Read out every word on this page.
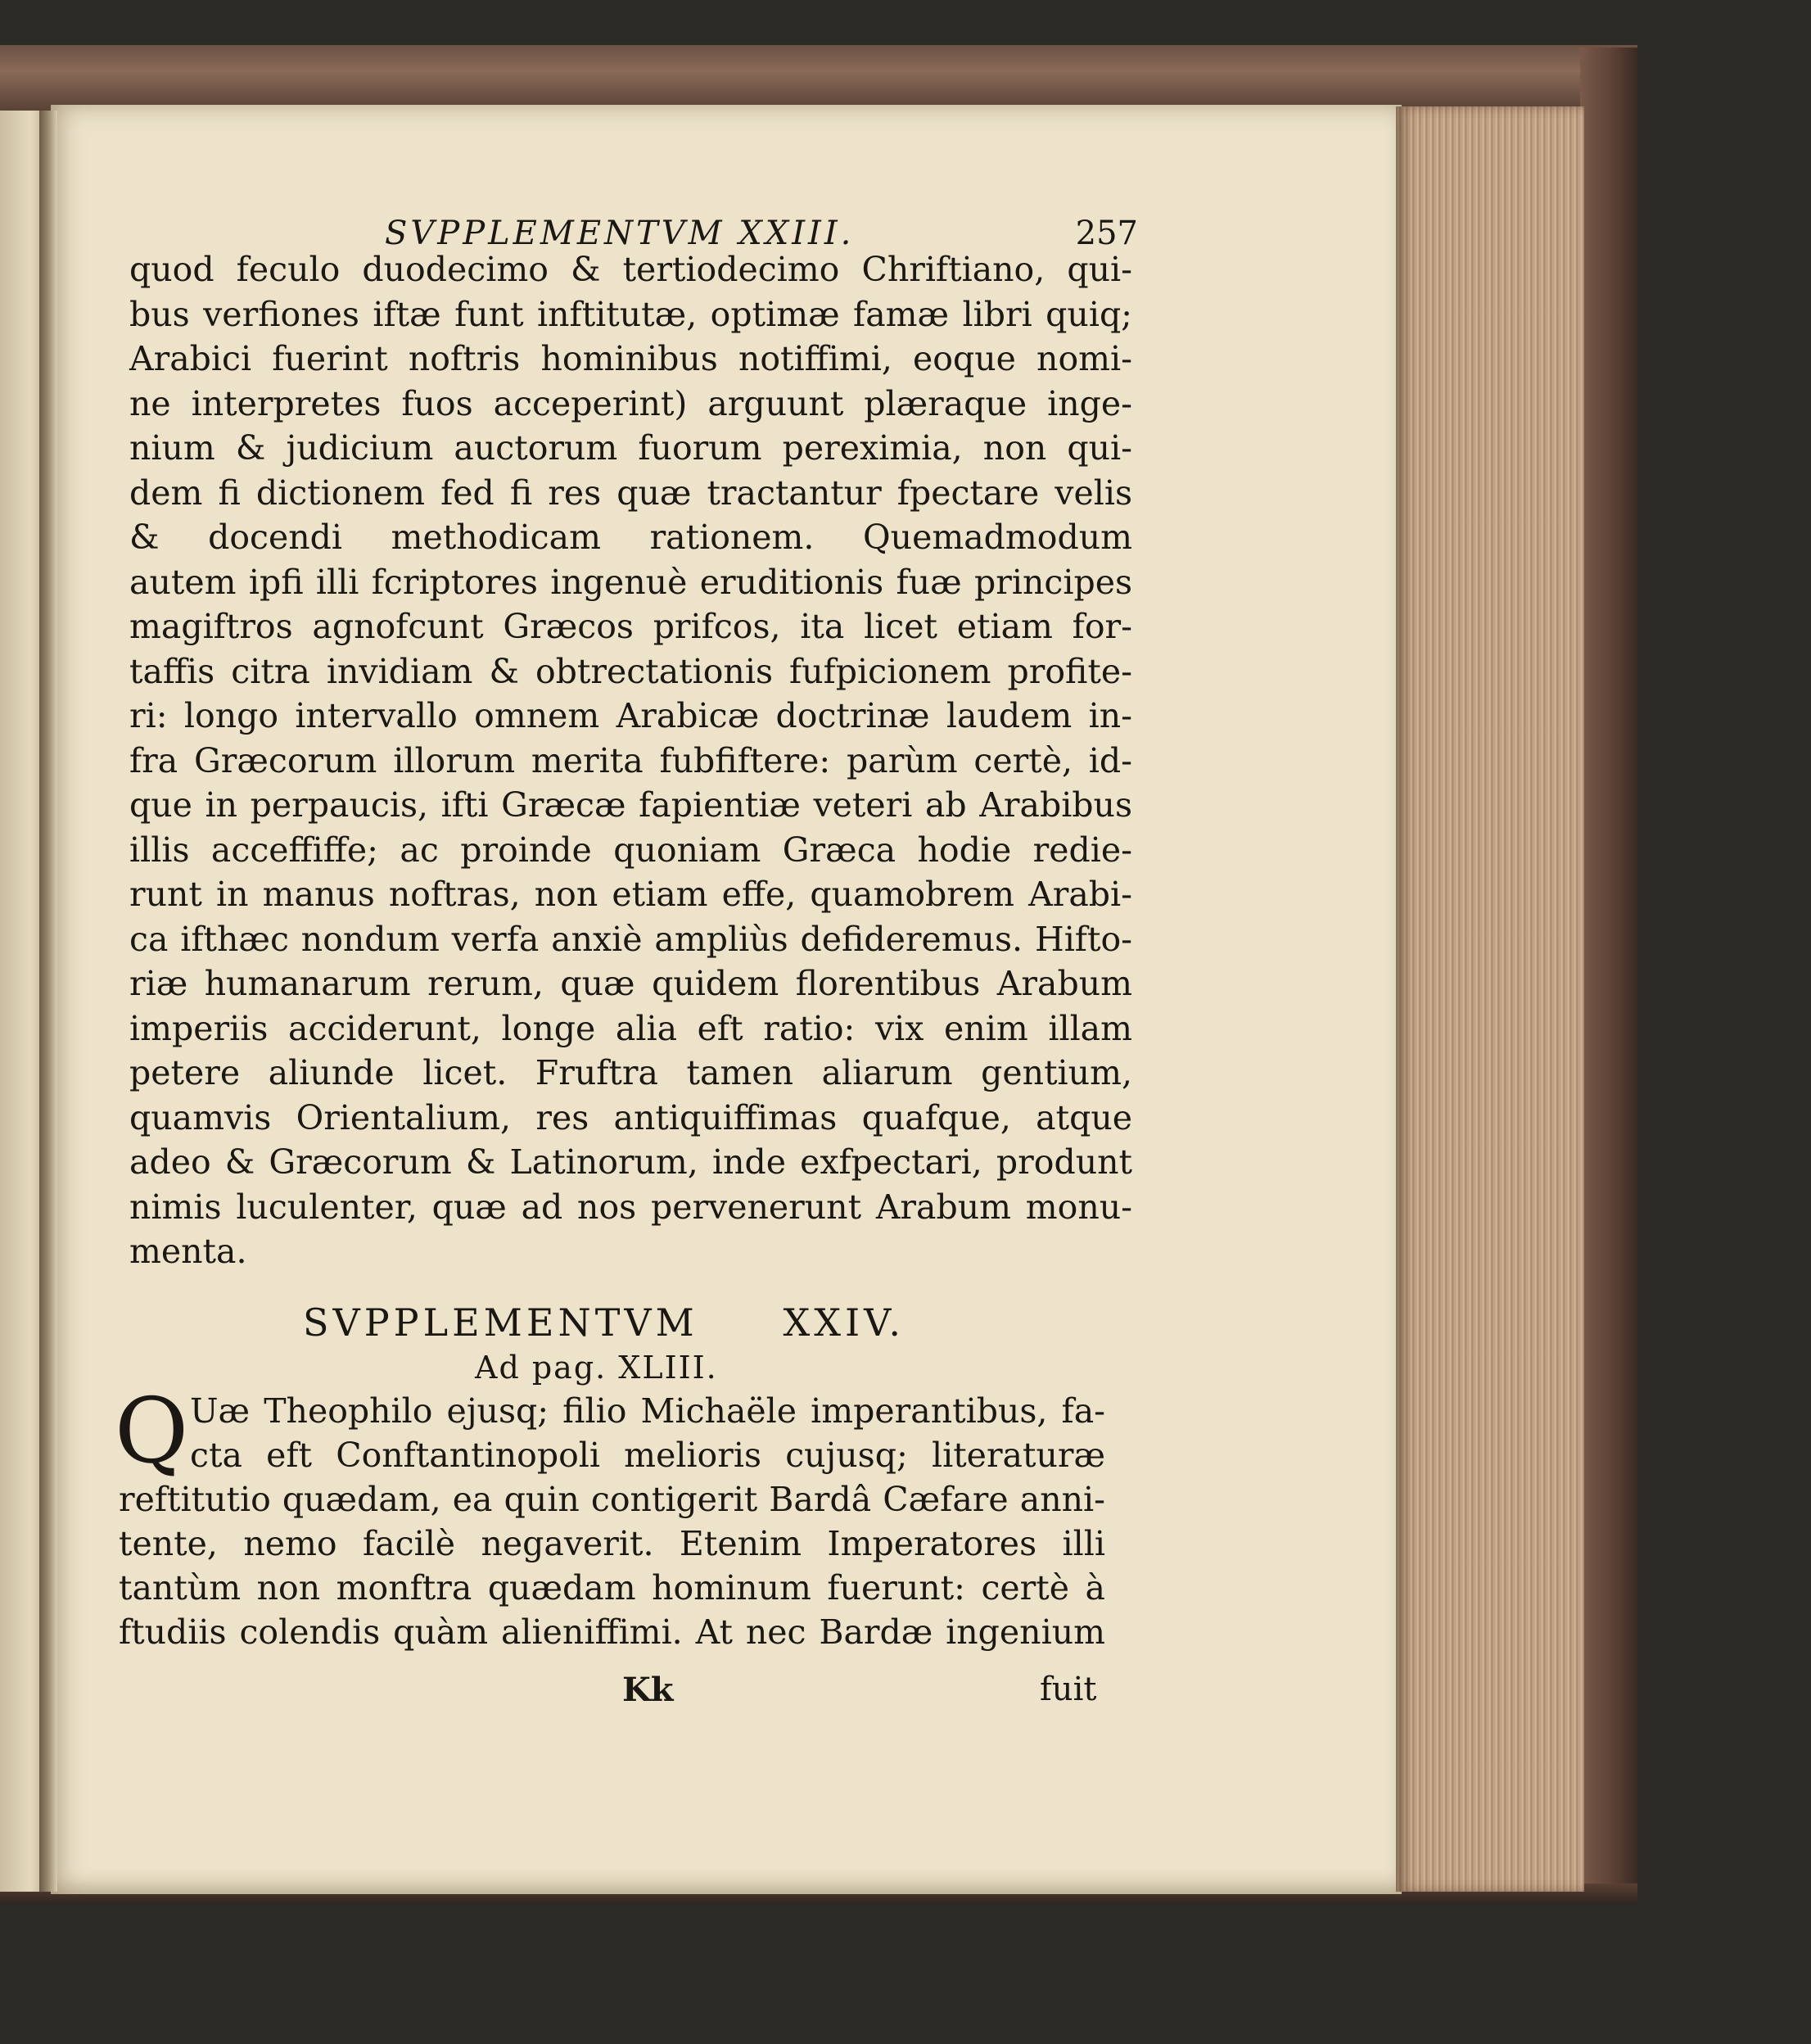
SVPPLEMENTVM XXIII.	257
quod feculo duodecimo & tertiodecimo Chriftiano, qui-
bus verfiones iftæ funt inftitutæ, optimæ famæ libri quiq;
Arabici fuerint noftris hominibus notiffimi, eoque nomi-
ne interpretes fuos acceperint) arguunt plæraque inge-
nium & judicium auctorum fuorum pereximia, non qui-
dem fi dictionem fed fi res quæ tractantur fpectare velis
& docendi methodicam rationem. Quemadmodum
autem ipfi illi fcriptores ingenuè eruditionis fuæ principes
magiftros agnofcunt Græcos prifcos, ita licet etiam for-
taffis citra invidiam & obtrectationis fufpicionem profite-
ri: longo intervallo omnem Arabicæ doctrinæ laudem in-
fra Græcorum illorum merita fubfiftere: parùm certè, id-
que in perpaucis, ifti Græcæ fapientiæ veteri ab Arabibus
illis acceffiffe; ac proinde quoniam Græca hodie redie-
runt in manus noftras, non etiam effe, quamobrem Arabi-
ca ifthæc nondum verfa anxiè ampliùs defideremus. Hifto-
riæ humanarum rerum, quæ quidem florentibus Arabum
imperiis acciderunt, longe alia eft ratio: vix enim illam
petere aliunde licet. Fruftra tamen aliarum gentium,
quamvis Orientalium, res antiquiffimas quafque, atque
adeo & Græcorum & Latinorum, inde exfpectari, produnt
nimis luculenter, quæ ad nos pervenerunt Arabum monu-
menta.
SVPPLEMENTVM XXIV.
Ad pag. XLIII.
Q Uæ Theophilo ejusq; filio Michaële imperantibus, fa-
cta eft Conftantinopoli melioris cujusq; literaturæ
reftitutio quædam, ea quin contigerit Bardâ Cæfare anni-
tente, nemo facilè negaverit. Etenim Imperatores illi
tantùm non monftra quædam hominum fuerunt: certè à
ftudiis colendis quàm alieniffimi. At nec Bardæ ingenium
Kk	fuit
